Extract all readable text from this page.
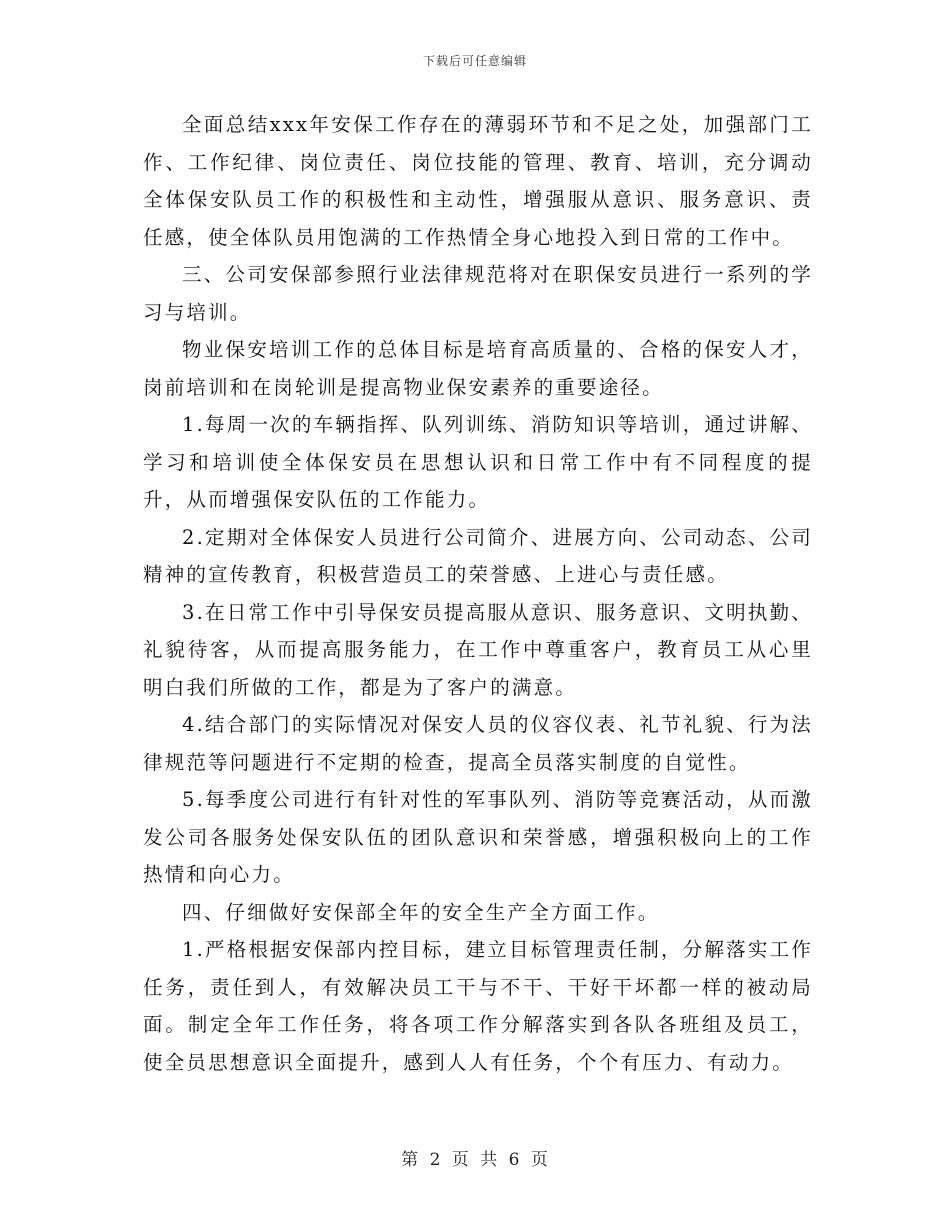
下载后可任意编辑

全面总结xxx年安保工作存在的薄弱环节和不足之处，加强部门工作、工作纪律、岗位责任、岗位技能的管理、教育、培训，充分调动全体保安队员工作的积极性和主动性，增强服从意识、服务意识、责任感，使全体队员用饱满的工作热情全身心地投入到日常的工作中。

三、公司安保部参照行业法律规范将对在职保安员进行一系列的学习与培训。

物业保安培训工作的总体目标是培育高质量的、合格的保安人才，岗前培训和在岗轮训是提高物业保安素养的重要途径。

1.每周一次的车辆指挥、队列训练、消防知识等培训，通过讲解、学习和培训使全体保安员在思想认识和日常工作中有不同程度的提升，从而增强保安队伍的工作能力。

2.定期对全体保安人员进行公司简介、进展方向、公司动态、公司精神的宣传教育，积极营造员工的荣誉感、上进心与责任感。

3.在日常工作中引导保安员提高服从意识、服务意识、文明执勤、礼貌待客，从而提高服务能力，在工作中尊重客户，教育员工从心里明白我们所做的工作，都是为了客户的满意。

4.结合部门的实际情况对保安人员的仪容仪表、礼节礼貌、行为法律规范等问题进行不定期的检查，提高全员落实制度的自觉性。

5.每季度公司进行有针对性的军事队列、消防等竞赛活动，从而激发公司各服务处保安队伍的团队意识和荣誉感，增强积极向上的工作热情和向心力。

四、仔细做好安保部全年的安全生产全方面工作。

1.严格根据安保部内控目标，建立目标管理责任制，分解落实工作任务，责任到人，有效解决员工干与不干、干好干坏都一样的被动局面。制定全年工作任务，将各项工作分解落实到各队各班组及员工，使全员思想意识全面提升，感到人人有任务，个个有压力、有动力。

第 2 页 共 6 页
